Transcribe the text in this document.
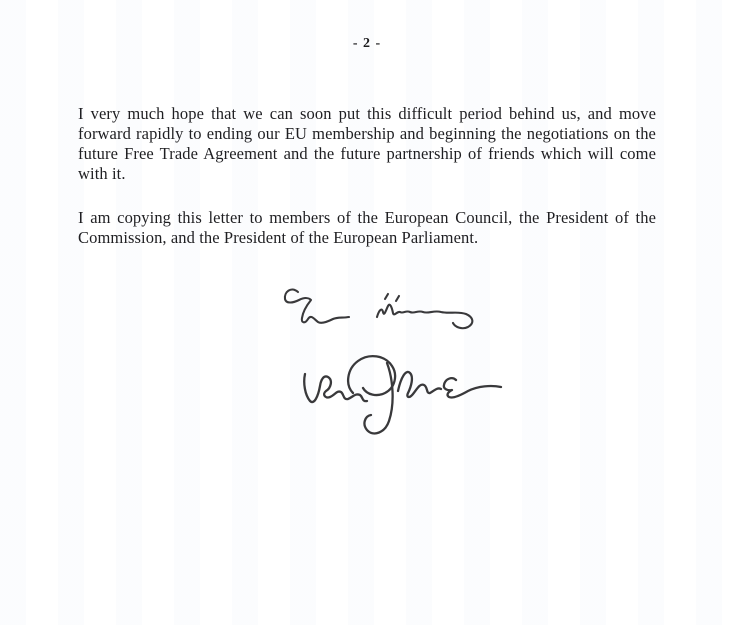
- 2 -
I very much hope that we can soon put this difficult period behind us, and move forward rapidly to ending our EU membership and beginning the negotiations on the future Free Trade Agreement and the future partnership of friends which will come with it.
I am copying this letter to members of the European Council, the President of the Commission, and the President of the European Parliament.
